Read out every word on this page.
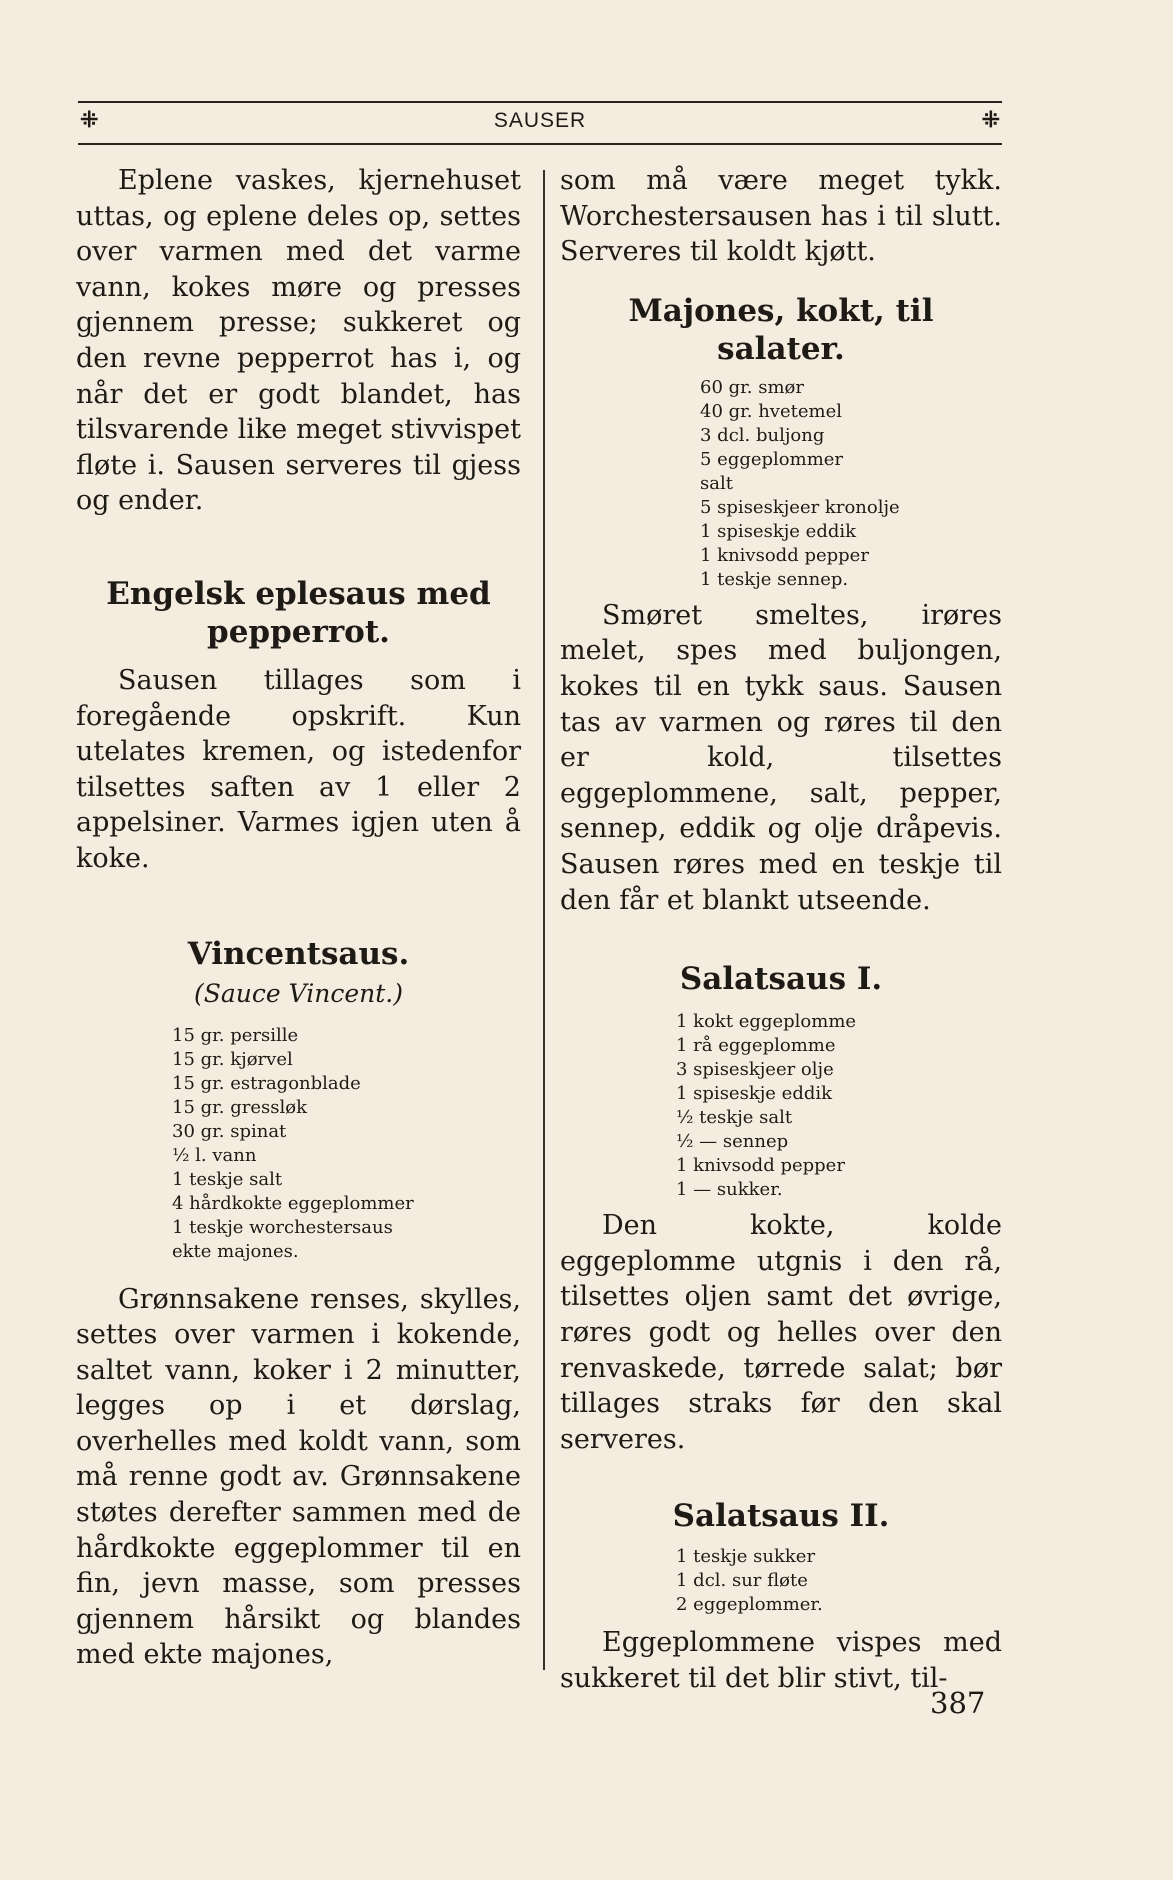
⁜	SAUSER	⁜

Eplene vaskes, kjernehuset uttas, og eplene deles op, settes over varmen med det varme vann, kokes møre og presses gjennem presse; sukkeret og den revne pepperrot has i, og når det er godt blandet, has tilsvarende like meget stivvispet fløte i. Sausen serveres til gjess og ender.

Engelsk eplesaus med
pepperrot.

Sausen tillages som i foregående opskrift. Kun utelates kremen, og istedenfor tilsettes saften av 1 eller 2 appelsiner. Varmes igjen uten å koke.

Vincentsaus.
(Sauce Vincent.)
15 gr. persille
15 gr. kjørvel
15 gr. estragonblade
15 gr. gressløk
30 gr. spinat
½ l. vann
1 teskje salt
4 hårdkokte eggeplommer
1 teskje worchestersaus
ekte majones.

Grønnsakene renses, skylles, settes over varmen i kokende, saltet vann, koker i 2 minutter, legges op i et dørslag, overhelles med koldt vann, som må renne godt av. Grønnsakene støtes derefter sammen med de hårdkokte eggeplommer til en fin, jevn masse, som presses gjennem hårsikt og blandes med ekte majones,

som må være meget tykk. Worchestersausen has i til slutt. Serveres til koldt kjøtt.

Majones, kokt, til salater.
60 gr. smør
40 gr. hvetemel
3 dcl. buljong
5 eggeplommer
salt
5 spiseskjeer kronolje
1 spiseskje eddik
1 knivsodd pepper
1 teskje sennep.

Smøret smeltes, irøres melet, spes med buljongen, kokes til en tykk saus. Sausen tas av varmen og røres til den er kold, tilsettes eggeplommene, salt, pepper, sennep, eddik og olje dråpevis. Sausen røres med en teskje til den får et blankt utseende.

Salatsaus I.
1 kokt eggeplomme
1 rå eggeplomme
3 spiseskjeer olje
1 spiseskje eddik
½ teskje salt
½ — sennep
1 knivsodd pepper
1 — sukker.

Den kokte, kolde eggeplomme utgnis i den rå, tilsettes oljen samt det øvrige, røres godt og helles over den renvaskede, tørrede salat; bør tillages straks før den skal serveres.

Salatsaus II.
1 teskje sukker
1 dcl. sur fløte
2 eggeplommer.

Eggeplommene vispes med sukkeret til det blir stivt, til-

387
